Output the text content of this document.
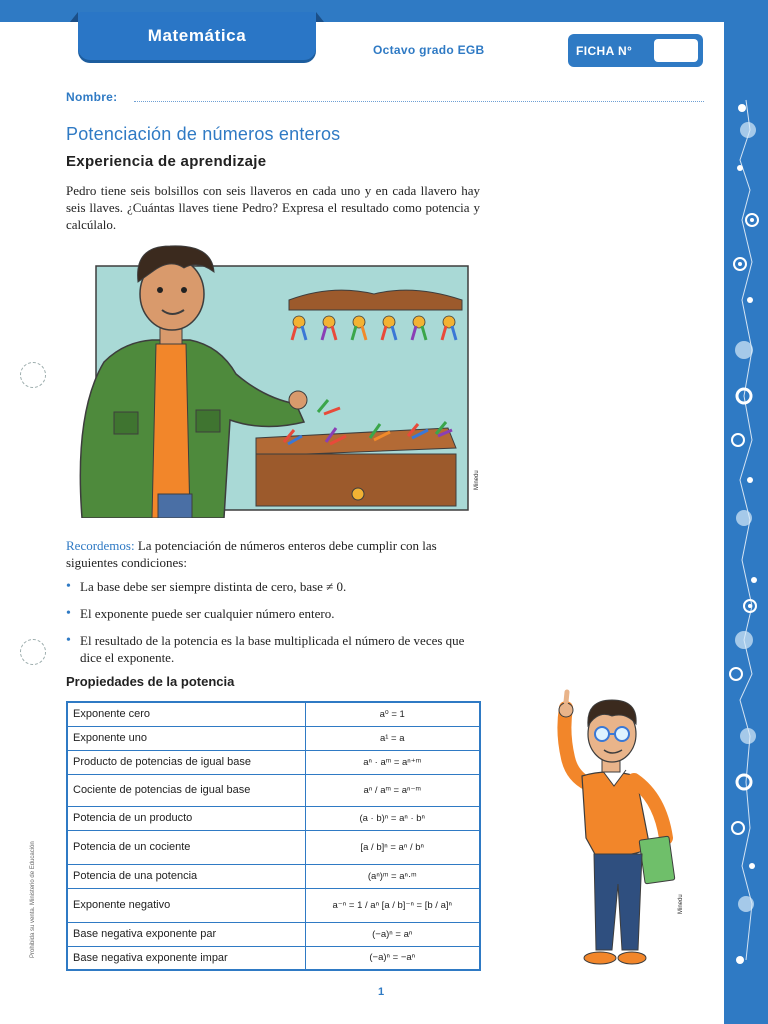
Matemática
Octavo grado EGB	FICHA N°
Nombre:
Potenciación de números enteros
Experiencia de aprendizaje

Pedro tiene seis bolsillos con seis llaveros en cada uno y en cada llavero hay seis llaves. ¿Cuántas llaves tiene Pedro? Expresa el resultado como potencia y calcúlalo.

Minedu

Recordemos: La potenciación de números enteros debe cumplir con las siguientes condiciones:

• La base debe ser siempre distinta de cero, base ≠ 0.
• El exponente puede ser cualquier número entero.
• El resultado de la potencia es la base multiplicada el número de veces que dice el exponente.
Propiedades de la potencia
Exponente cero	a⁰ = 1
Exponente uno	a¹ = a
Producto de potencias de igual base	aⁿ · aᵐ = aⁿ⁺ᵐ
Cociente de potencias de igual base	aⁿ / aᵐ = aⁿ⁻ᵐ
Potencia de un producto	(a · b)ⁿ = aⁿ · bⁿ
Potencia de un cociente	[a / b]ⁿ = aⁿ / bⁿ
Potencia de una potencia	(aⁿ)ᵐ = aⁿ·ᵐ
Exponente negativo	a⁻ⁿ = 1 / aⁿ [a / b]⁻ⁿ = [b / a]ⁿ
Base negativa exponente par	(−a)ⁿ = aⁿ
Base negativa exponente impar	(−a)ⁿ = −aⁿ
Minedu
Prohibida su venta. Ministerio de Educación
1
